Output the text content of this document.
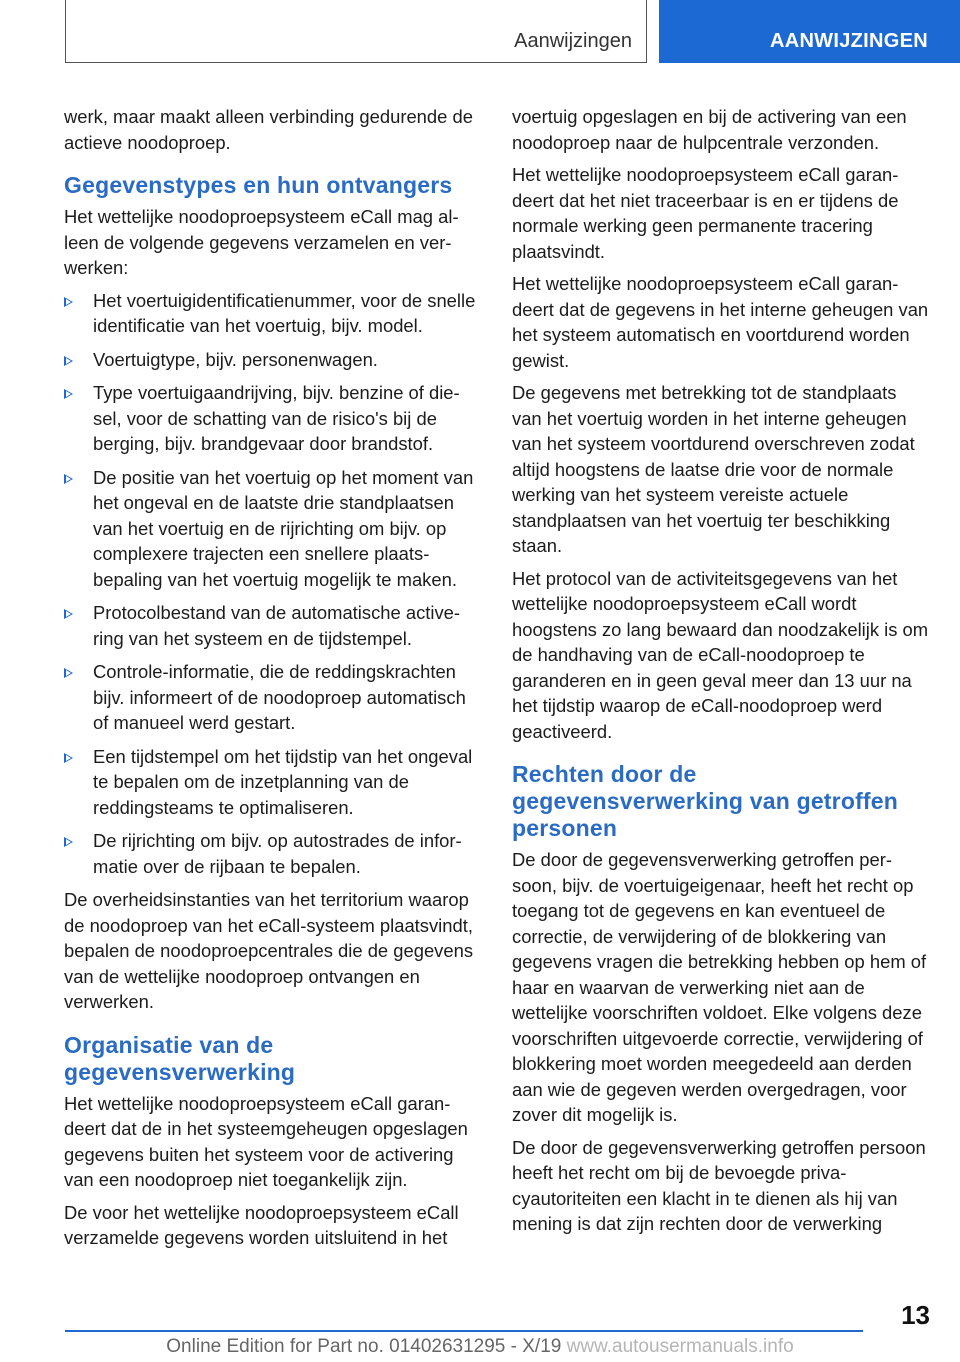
Aanwijzingen	AANWIJZINGEN

werk, maar maakt alleen verbinding gedurende de actieve noodoproep.

Gegevenstypes en hun ontvangers

Het wettelijke noodoproepsysteem eCall mag alleen de volgende gegevens verzamelen en verwerken:

Het voertuigidentificatienummer, voor de snelle identificatie van het voertuig, bijv. model.
Voertuigtype, bijv. personenwagen.
Type voertuigaandrijving, bijv. benzine of diesel, voor de schatting van de risico's bij de berging, bijv. brandgevaar door brandstof.
De positie van het voertuig op het moment van het ongeval en de laatste drie standplaatsen van het voertuig en de rijrichting om bijv. op complexere trajecten een snellere plaatsbepaling van het voertuig mogelijk te maken.
Protocolbestand van de automatische activering van het systeem en de tijdstempel.
Controle-informatie, die de reddingskrachten bijv. informeert of de noodoproep automatisch of manueel werd gestart.
Een tijdstempel om het tijdstip van het ongeval te bepalen om de inzetplanning van de reddingsteams te optimaliseren.
De rijrichting om bijv. op autostrades de informatie over de rijbaan te bepalen.

De overheidsinstanties van het territorium waarop de noodoproep van het eCall-systeem plaatsvindt, bepalen de noodoproepcentrales die de gegevens van de wettelijke noodoproep ontvangen en verwerken.

Organisatie van de gegevensverwerking

Het wettelijke noodoproepsysteem eCall garandeert dat de in het systeemgeheugen opgeslagen gegevens buiten het systeem voor de activering van een noodoproep niet toegankelijk zijn.

De voor het wettelijke noodoproepsysteem eCall verzamelde gegevens worden uitsluitend in het

voertuig opgeslagen en bij de activering van een noodoproep naar de hulpcentrale verzonden.

Het wettelijke noodoproepsysteem eCall garandeert dat het niet traceerbaar is en er tijdens de normale werking geen permanente tracering plaatsvindt.

Het wettelijke noodoproepsysteem eCall garandeert dat de gegevens in het interne geheugen van het systeem automatisch en voortdurend worden gewist.

De gegevens met betrekking tot de standplaats van het voertuig worden in het interne geheugen van het systeem voortdurend overschreven zodat altijd hoogstens de laatse drie voor de normale werking van het systeem vereiste actuele standplaatsen van het voertuig ter beschikking staan.

Het protocol van de activiteitsgegevens van het wettelijke noodoproepsysteem eCall wordt hoogstens zo lang bewaard dan noodzakelijk is om de handhaving van de eCall-noodoproep te garanderen en in geen geval meer dan 13 uur na het tijdstip waarop de eCall-noodoproep werd geactiveerd.

Rechten door de gegevensverwerking van getroffen personen

De door de gegevensverwerking getroffen persoon, bijv. de voertuigeigenaar, heeft het recht op toegang tot de gegevens en kan eventueel de correctie, de verwijdering of de blokkering van gegevens vragen die betrekking hebben op hem of haar en waarvan de verwerking niet aan de wettelijke voorschriften voldoet. Elke volgens deze voorschriften uitgevoerde correctie, verwijdering of blokkering moet worden meegedeeld aan derden aan wie de gegeven werden overgedragen, voor zover dit mogelijk is.

De door de gegevensverwerking getroffen persoon heeft het recht om bij de bevoegde privacyautoriteiten een klacht in te dienen als hij van mening is dat zijn rechten door de verwerking

13
Online Edition for Part no. 01402631295 - X/19 www.autousermanuals.info
